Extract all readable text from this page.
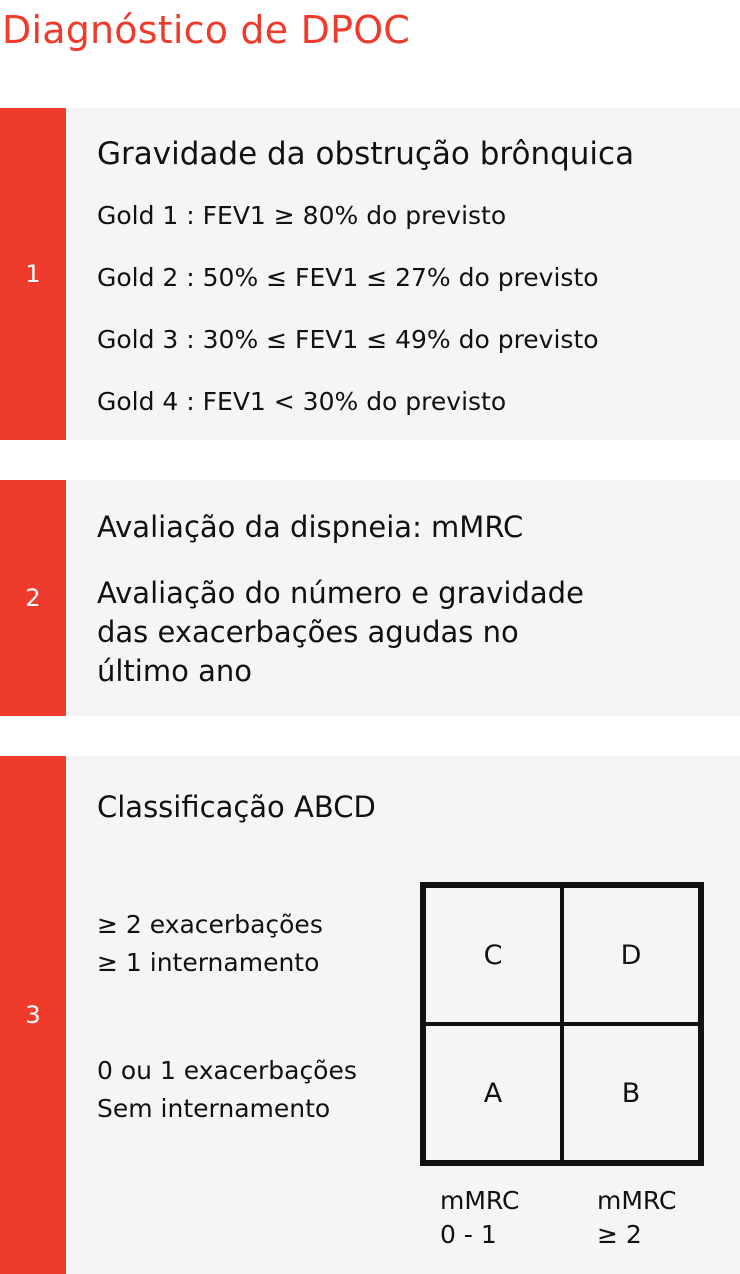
Diagnóstico de DPOC
1

Gravidade da obstrução brônquica

Gold 1 : FEV1 ≥ 80% do previsto

Gold 2 : 50% ≤ FEV1 ≤ 27% do previsto

Gold 3 : 30% ≤ FEV1 ≤ 49% do previsto

Gold 4 : FEV1 < 30% do previsto

2

Avaliação da dispneia: mMRC

Avaliação do número e gravidade

das exacerbações agudas no

último ano

3

Classificação ABCD

≥ 2 exacerbações
≥ 1 internamento
0 ou 1 exacerbações
Sem internamento
C	D
A	B
mMRC
0 - 1
mMRC
≥ 2
